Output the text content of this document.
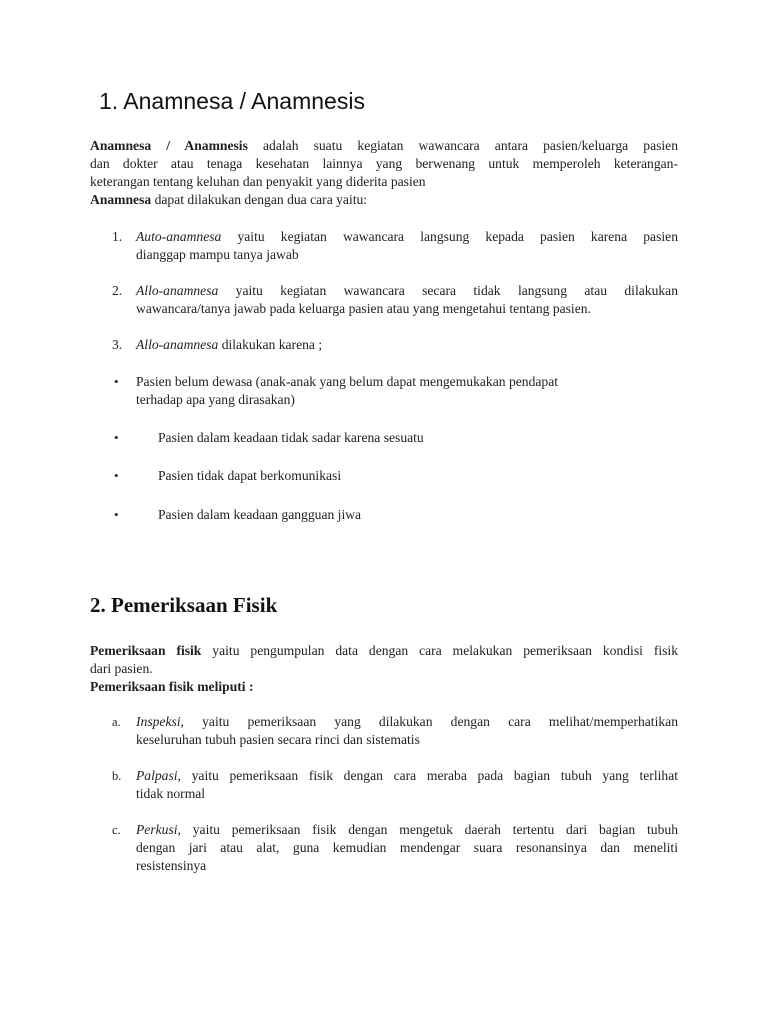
1. Anamnesa / Anamnesis
Anamnesa / Anamnesis adalah suatu kegiatan wawancara antara pasien/keluarga pasien
dan dokter atau tenaga kesehatan lainnya yang berwenang untuk memperoleh keterangan-
keterangan tentang keluhan dan penyakit yang diderita pasien
Anamnesa dapat dilakukan dengan dua cara yaitu:
1. Auto-anamnesa yaitu kegiatan wawancara langsung kepada pasien karena pasien
dianggap mampu tanya jawab
2. Allo-anamnesa yaitu kegiatan wawancara secara tidak langsung atau dilakukan
wawancara/tanya jawab pada keluarga pasien atau yang mengetahui tentang pasien.
3. Allo-anamnesa dilakukan karena ;
• Pasien belum dewasa (anak-anak yang belum dapat mengemukakan pendapat
terhadap apa yang dirasakan)
•	Pasien dalam keadaan tidak sadar karena sesuatu
•	Pasien tidak dapat berkomunikasi
•	Pasien dalam keadaan gangguan jiwa
2. Pemeriksaan Fisik
Pemeriksaan fisik yaitu pengumpulan data dengan cara melakukan pemeriksaan kondisi fisik
dari pasien.
Pemeriksaan fisik meliputi :
a. Inspeksi, yaitu pemeriksaan yang dilakukan dengan cara melihat/memperhatikan
keseluruhan tubuh pasien secara rinci dan sistematis
b. Palpasi, yaitu pemeriksaan fisik dengan cara meraba pada bagian tubuh yang terlihat
tidak normal
c. Perkusi, yaitu pemeriksaan fisik dengan mengetuk daerah tertentu dari bagian tubuh
dengan jari atau alat, guna kemudian mendengar suara resonansinya dan meneliti
resistensinya
